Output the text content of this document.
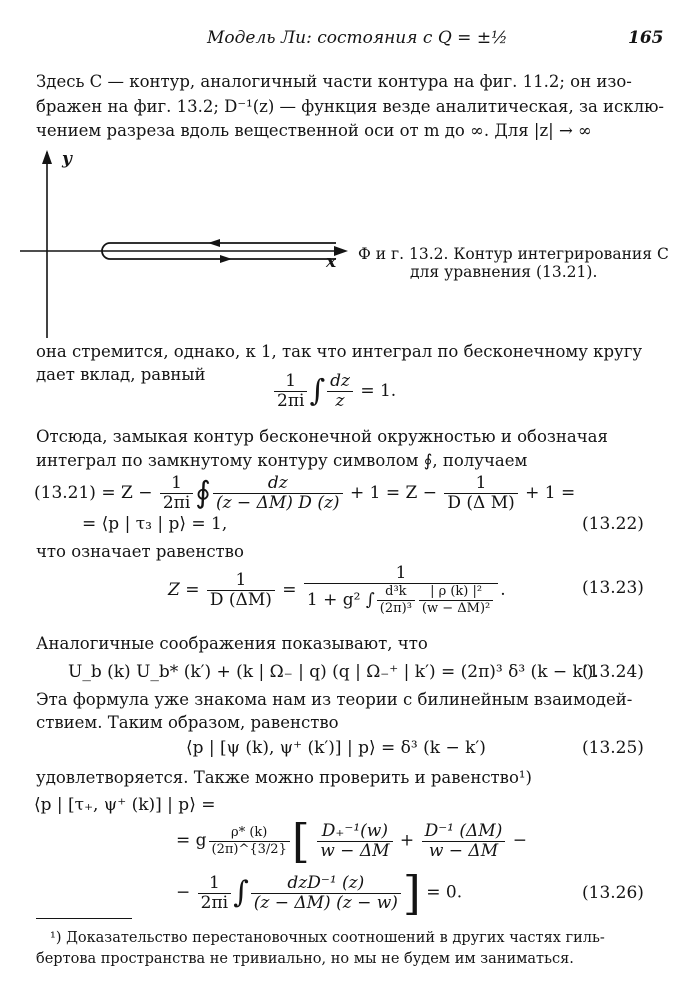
Модель Ли: состояния с Q = ±½	165
Здесь C — контур, аналогичный части контура на фиг. 11.2; он изо-
бражен на фиг. 13.2; D⁻¹(z) — функция везде аналитическая, за исклю-
чением разреза вдоль вещественной оси от m до ∞. Для |z| → ∞
y
x Ф и г. 13.2. Контур интегрирования C
для уравнения (13.21).
она стремится, однако, к 1, так что интеграл по бесконечному кругу
дает вклад, равный	$\frac{1}{2\pi i}$ ∫ $\frac{dz}{z} = 1$.
Отсюда, замыкая контур бесконечной окружностью и обозначая
интеграл по замкнутому контуру символом ∮, получаем
$(13.21) = Z - \frac{1}{2\pi i}$ ∮ $\frac{dz}{(z - \Delta M) D (z)} + 1 = Z - \frac{1}{\text{D (Δ M)}} + 1$ =
= ⟨p | τ₃ | p⟩ = 1,	(13.22)
что означает равенство
$Z = \frac{1}{D (\Delta M)} = \frac{1}{1 + g^2 \int \frac{\text{d³k}}{\text{(2π)³}} \frac{\text{| ρ (k) |²}}{\text{(w − ΔM)²}}}$ .	(13.23)
Аналогичные соображения показывают, что
U_b (k) U_b* (k′) + (k | Ω₋ | q) (q | Ω₋⁺ | k′) = (2π)³ δ³ (k − k′).
(13.24)
Эта формула уже знакома нам из теории с билинейным взаимодей-
ствием. Таким образом, равенство
⟨p | [ψ (k), ψ⁺ (k′)] | p⟩ = δ³ (k − k′)	(13.25)
удовлетворяется. Также можно проверить и равенство¹)
⟨p | [τ₊, ψ⁺ (k)] | p⟩ =
= g $\frac{\rho* (k)}{(2\pi)\^{}\{3/2\}}$ [ $\frac{\text{D₊⁻¹(w)}}{w - \Delta M} + \frac{\text{D⁻¹ (ΔM)}}{w - \Delta M}$ −
− $\frac{1}{2\pi i}$ ∫ $\frac{\text{dzD⁻¹ (z)}}{(z - \Delta M) (z - w)}$ ] = 0.	(13.26)
¹) Доказательство перестановочных соотношений в других частях гиль-
бертова пространства не тривиально, но мы не будем им заниматься.
